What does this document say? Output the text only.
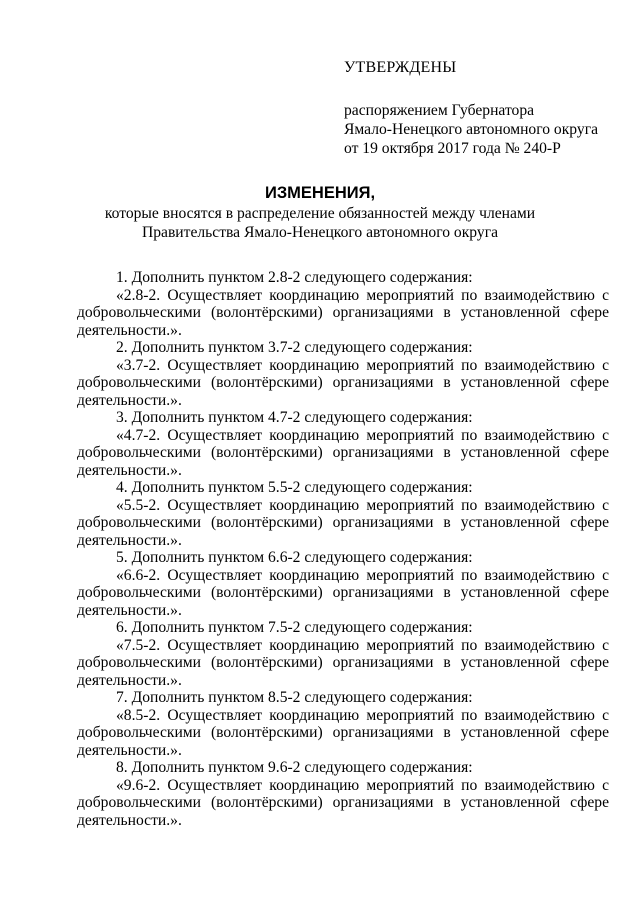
УТВЕРЖДЕНЫ
распоряжением Губернатора
Ямало-Ненецкого автономного округа
от 19 октября 2017 года № 240-Р
ИЗМЕНЕНИЯ,
которые вносятся в распределение обязанностей между членами
Правительства Ямало-Ненецкого автономного округа
1. Дополнить пунктом 2.8-2 следующего содержания:
«2.8-2. Осуществляет координацию мероприятий по взаимодействию с добровольческими (волонтёрскими) организациями в установленной сфере деятельности.».
2. Дополнить пунктом 3.7-2 следующего содержания:
«3.7-2. Осуществляет координацию мероприятий по взаимодействию с добровольческими (волонтёрскими) организациями в установленной сфере деятельности.».
3. Дополнить пунктом 4.7-2 следующего содержания:
«4.7-2. Осуществляет координацию мероприятий по взаимодействию с добровольческими (волонтёрскими) организациями в установленной сфере деятельности.».
4. Дополнить пунктом 5.5-2 следующего содержания:
«5.5-2. Осуществляет координацию мероприятий по взаимодействию с добровольческими (волонтёрскими) организациями в установленной сфере деятельности.».
5. Дополнить пунктом 6.6-2 следующего содержания:
«6.6-2. Осуществляет координацию мероприятий по взаимодействию с добровольческими (волонтёрскими) организациями в установленной сфере деятельности.».
6. Дополнить пунктом 7.5-2 следующего содержания:
«7.5-2. Осуществляет координацию мероприятий по взаимодействию с добровольческими (волонтёрскими) организациями в установленной сфере деятельности.».
7. Дополнить пунктом 8.5-2 следующего содержания:
«8.5-2. Осуществляет координацию мероприятий по взаимодействию с добровольческими (волонтёрскими) организациями в установленной сфере деятельности.».
8. Дополнить пунктом 9.6-2 следующего содержания:
«9.6-2. Осуществляет координацию мероприятий по взаимодействию с добровольческими (волонтёрскими) организациями в установленной сфере деятельности.».
